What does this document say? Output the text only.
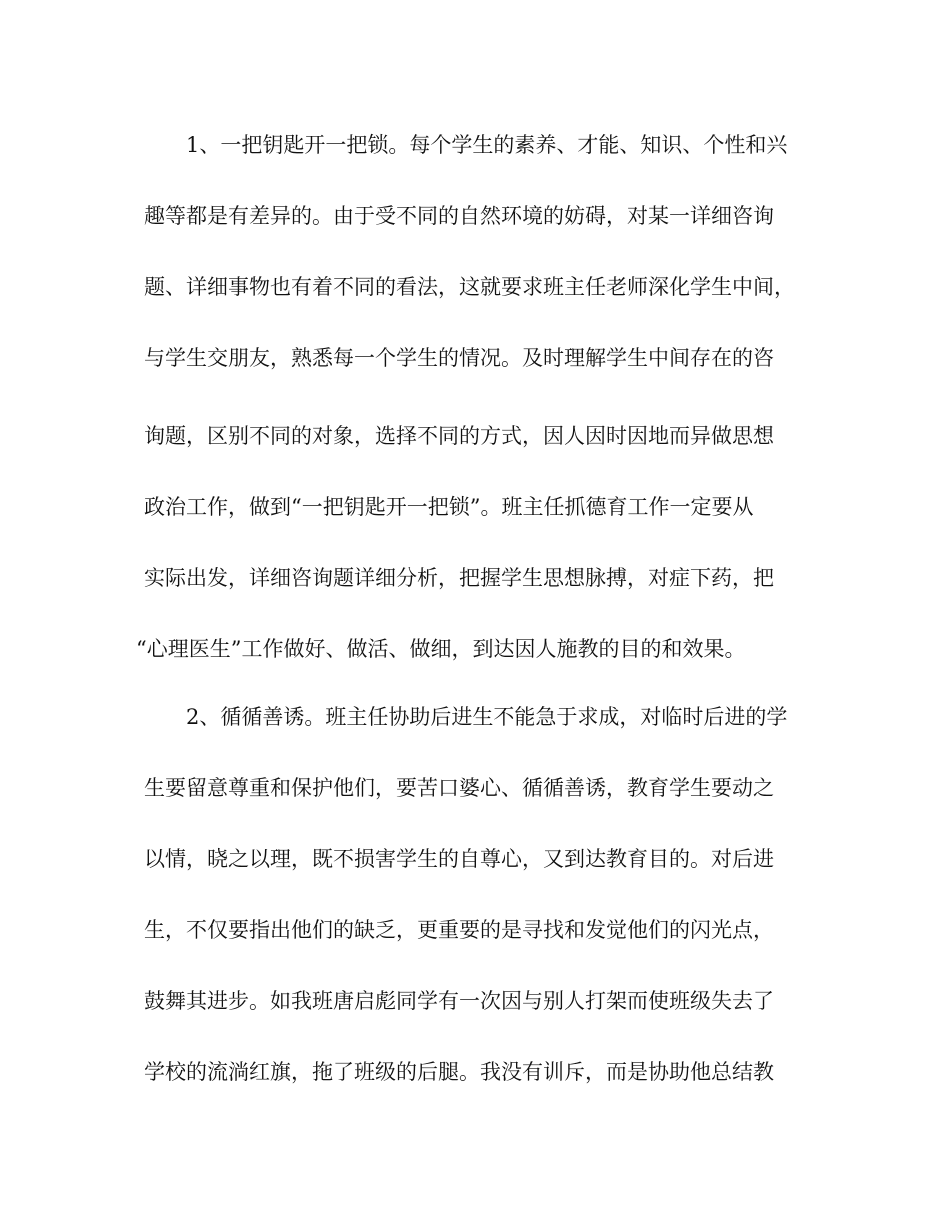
1、一把钥匙开一把锁。每个学生的素养、才能、知识、个性和兴
趣等都是有差异的。由于受不同的自然环境的妨碍，对某一详细咨询
题、详细事物也有着不同的看法，这就要求班主任老师深化学生中间，
与学生交朋友，熟悉每一个学生的情况。及时理解学生中间存在的咨
询题，区别不同的对象，选择不同的方式，因人因时因地而异做思想
政治工作，做到“一把钥匙开一把锁”。班主任抓德育工作一定要从
实际出发，详细咨询题详细分析，把握学生思想脉搏，对症下药，把
“心理医生”工作做好、做活、做细，到达因人施教的目的和效果。
2、循循善诱。班主任协助后进生不能急于求成，对临时后进的学
生要留意尊重和保护他们，要苦口婆心、循循善诱，教育学生要动之
以情，晓之以理，既不损害学生的自尊心，又到达教育目的。对后进
生，不仅要指出他们的缺乏，更重要的是寻找和发觉他们的闪光点，
鼓舞其进步。如我班唐启彪同学有一次因与别人打架而使班级失去了
学校的流淌红旗，拖了班级的后腿。我没有训斥，而是协助他总结教
